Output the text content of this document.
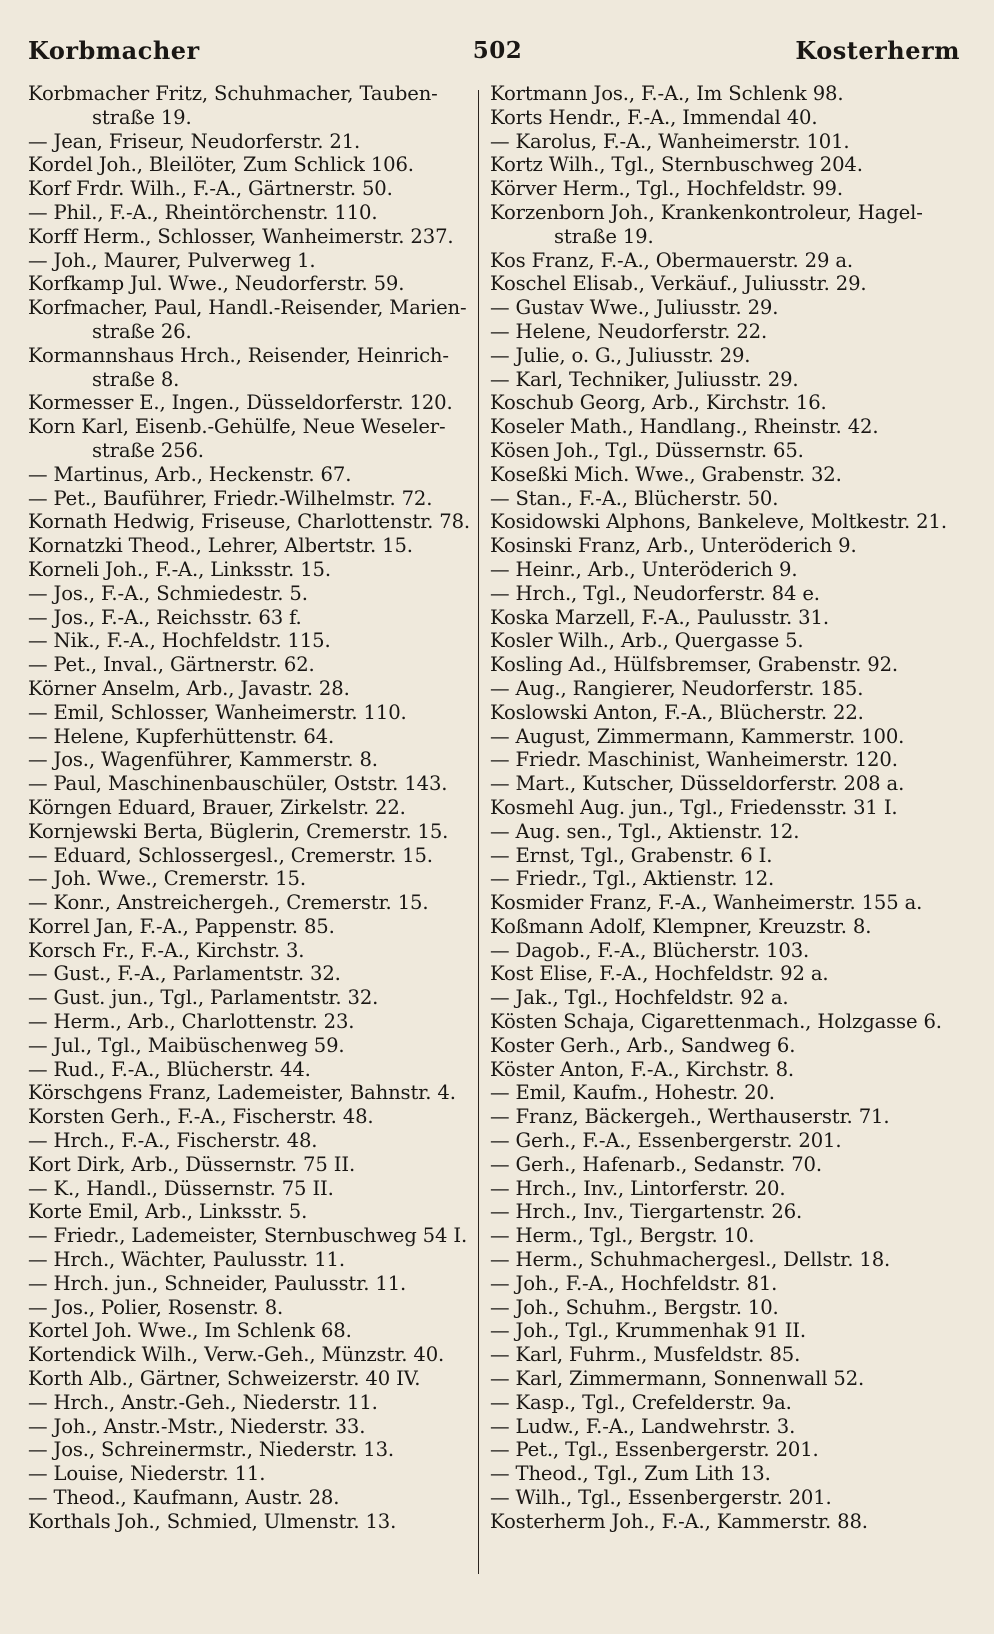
Korbmacher	502	Kosterherm

Korbmacher Fritz, Schuhmacher, Tauben-
straße 19.

— Jean, Friseur, Neudorferstr. 21.

Kordel Joh., Bleilöter, Zum Schlick 106.

Korf Frdr. Wilh., F.-A., Gärtnerstr. 50.

— Phil., F.-A., Rheintörchenstr. 110.

Korff Herm., Schlosser, Wanheimerstr. 237.

— Joh., Maurer, Pulverweg 1.

Korfkamp Jul. Wwe., Neudorferstr. 59.

Korfmacher, Paul, Handl.-Reisender, Marien-
straße 26.

Kormannshaus Hrch., Reisender, Heinrich-
straße 8.

Kormesser E., Ingen., Düsseldorferstr. 120.

Korn Karl, Eisenb.-Gehülfe, Neue Weseler-
straße 256.

— Martinus, Arb., Heckenstr. 67.

— Pet., Bauführer, Friedr.-Wilhelmstr. 72.

Kornath Hedwig, Friseuse, Charlottenstr. 78.

Kornatzki Theod., Lehrer, Albertstr. 15.

Korneli Joh., F.-A., Linksstr. 15.

— Jos., F.-A., Schmiedestr. 5.

— Jos., F.-A., Reichsstr. 63 f.

— Nik., F.-A., Hochfeldstr. 115.

— Pet., Inval., Gärtnerstr. 62.

Körner Anselm, Arb., Javastr. 28.

— Emil, Schlosser, Wanheimerstr. 110.

— Helene, Kupferhüttenstr. 64.

— Jos., Wagenführer, Kammerstr. 8.

— Paul, Maschinenbauschüler, Oststr. 143.

Körngen Eduard, Brauer, Zirkelstr. 22.

Kornjewski Berta, Büglerin, Cremerstr. 15.

— Eduard, Schlossergesl., Cremerstr. 15.

— Joh. Wwe., Cremerstr. 15.

— Konr., Anstreichergeh., Cremerstr. 15.

Korrel Jan, F.-A., Pappenstr. 85.

Korsch Fr., F.-A., Kirchstr. 3.

— Gust., F.-A., Parlamentstr. 32.

— Gust. jun., Tgl., Parlamentstr. 32.

— Herm., Arb., Charlottenstr. 23.

— Jul., Tgl., Maibüschenweg 59.

— Rud., F.-A., Blücherstr. 44.

Körschgens Franz, Lademeister, Bahnstr. 4.

Korsten Gerh., F.-A., Fischerstr. 48.

— Hrch., F.-A., Fischerstr. 48.

Kort Dirk, Arb., Düssernstr. 75 II.

— K., Handl., Düssernstr. 75 II.

Korte Emil, Arb., Linksstr. 5.

— Friedr., Lademeister, Sternbuschweg 54 I.

— Hrch., Wächter, Paulusstr. 11.

— Hrch. jun., Schneider, Paulusstr. 11.

— Jos., Polier, Rosenstr. 8.

Kortel Joh. Wwe., Im Schlenk 68.

Kortendick Wilh., Verw.-Geh., Münzstr. 40.

Korth Alb., Gärtner, Schweizerstr. 40 IV.

— Hrch., Anstr.-Geh., Niederstr. 11.

— Joh., Anstr.-Mstr., Niederstr. 33.

— Jos., Schreinermstr., Niederstr. 13.

— Louise, Niederstr. 11.

— Theod., Kaufmann, Austr. 28.

Korthals Joh., Schmied, Ulmenstr. 13.

Kortmann Jos., F.-A., Im Schlenk 98.

Korts Hendr., F.-A., Immendal 40.

— Karolus, F.-A., Wanheimerstr. 101.

Kortz Wilh., Tgl., Sternbuschweg 204.

Körver Herm., Tgl., Hochfeldstr. 99.

Korzenborn Joh., Krankenkontroleur, Hagel-
straße 19.

Kos Franz, F.-A., Obermauerstr. 29 a.

Koschel Elisab., Verkäuf., Juliusstr. 29.

— Gustav Wwe., Juliusstr. 29.

— Helene, Neudorferstr. 22.

— Julie, o. G., Juliusstr. 29.

— Karl, Techniker, Juliusstr. 29.

Koschub Georg, Arb., Kirchstr. 16.

Koseler Math., Handlang., Rheinstr. 42.

Kösen Joh., Tgl., Düssernstr. 65.

Koseßki Mich. Wwe., Grabenstr. 32.

— Stan., F.-A., Blücherstr. 50.

Kosidowski Alphons, Bankeleve, Moltkestr. 21.

Kosinski Franz, Arb., Unteröderich 9.

— Heinr., Arb., Unteröderich 9.

— Hrch., Tgl., Neudorferstr. 84 e.

Koska Marzell, F.-A., Paulusstr. 31.

Kosler Wilh., Arb., Quergasse 5.

Kosling Ad., Hülfsbremser, Grabenstr. 92.

— Aug., Rangierer, Neudorferstr. 185.

Koslowski Anton, F.-A., Blücherstr. 22.

— August, Zimmermann, Kammerstr. 100.

— Friedr. Maschinist, Wanheimerstr. 120.

— Mart., Kutscher, Düsseldorferstr. 208 a.

Kosmehl Aug. jun., Tgl., Friedensstr. 31 I.

— Aug. sen., Tgl., Aktienstr. 12.

— Ernst, Tgl., Grabenstr. 6 I.

— Friedr., Tgl., Aktienstr. 12.

Kosmider Franz, F.-A., Wanheimerstr. 155 a.

Koßmann Adolf, Klempner, Kreuzstr. 8.

— Dagob., F.-A., Blücherstr. 103.

Kost Elise, F.-A., Hochfeldstr. 92 a.

— Jak., Tgl., Hochfeldstr. 92 a.

Kösten Schaja, Cigarettenmach., Holzgasse 6.

Koster Gerh., Arb., Sandweg 6.

Köster Anton, F.-A., Kirchstr. 8.

— Emil, Kaufm., Hohestr. 20.

— Franz, Bäckergeh., Werthauserstr. 71.

— Gerh., F.-A., Essenbergerstr. 201.

— Gerh., Hafenarb., Sedanstr. 70.

— Hrch., Inv., Lintorferstr. 20.

— Hrch., Inv., Tiergartenstr. 26.

— Herm., Tgl., Bergstr. 10.

— Herm., Schuhmachergesl., Dellstr. 18.

— Joh., F.-A., Hochfeldstr. 81.

— Joh., Schuhm., Bergstr. 10.

— Joh., Tgl., Krummenhak 91 II.

— Karl, Fuhrm., Musfeldstr. 85.

— Karl, Zimmermann, Sonnenwall 52.

— Kasp., Tgl., Crefelderstr. 9a.

— Ludw., F.-A., Landwehrstr. 3.

— Pet., Tgl., Essenbergerstr. 201.

— Theod., Tgl., Zum Lith 13.

— Wilh., Tgl., Essenbergerstr. 201.

Kosterherm Joh., F.-A., Kammerstr. 88.
